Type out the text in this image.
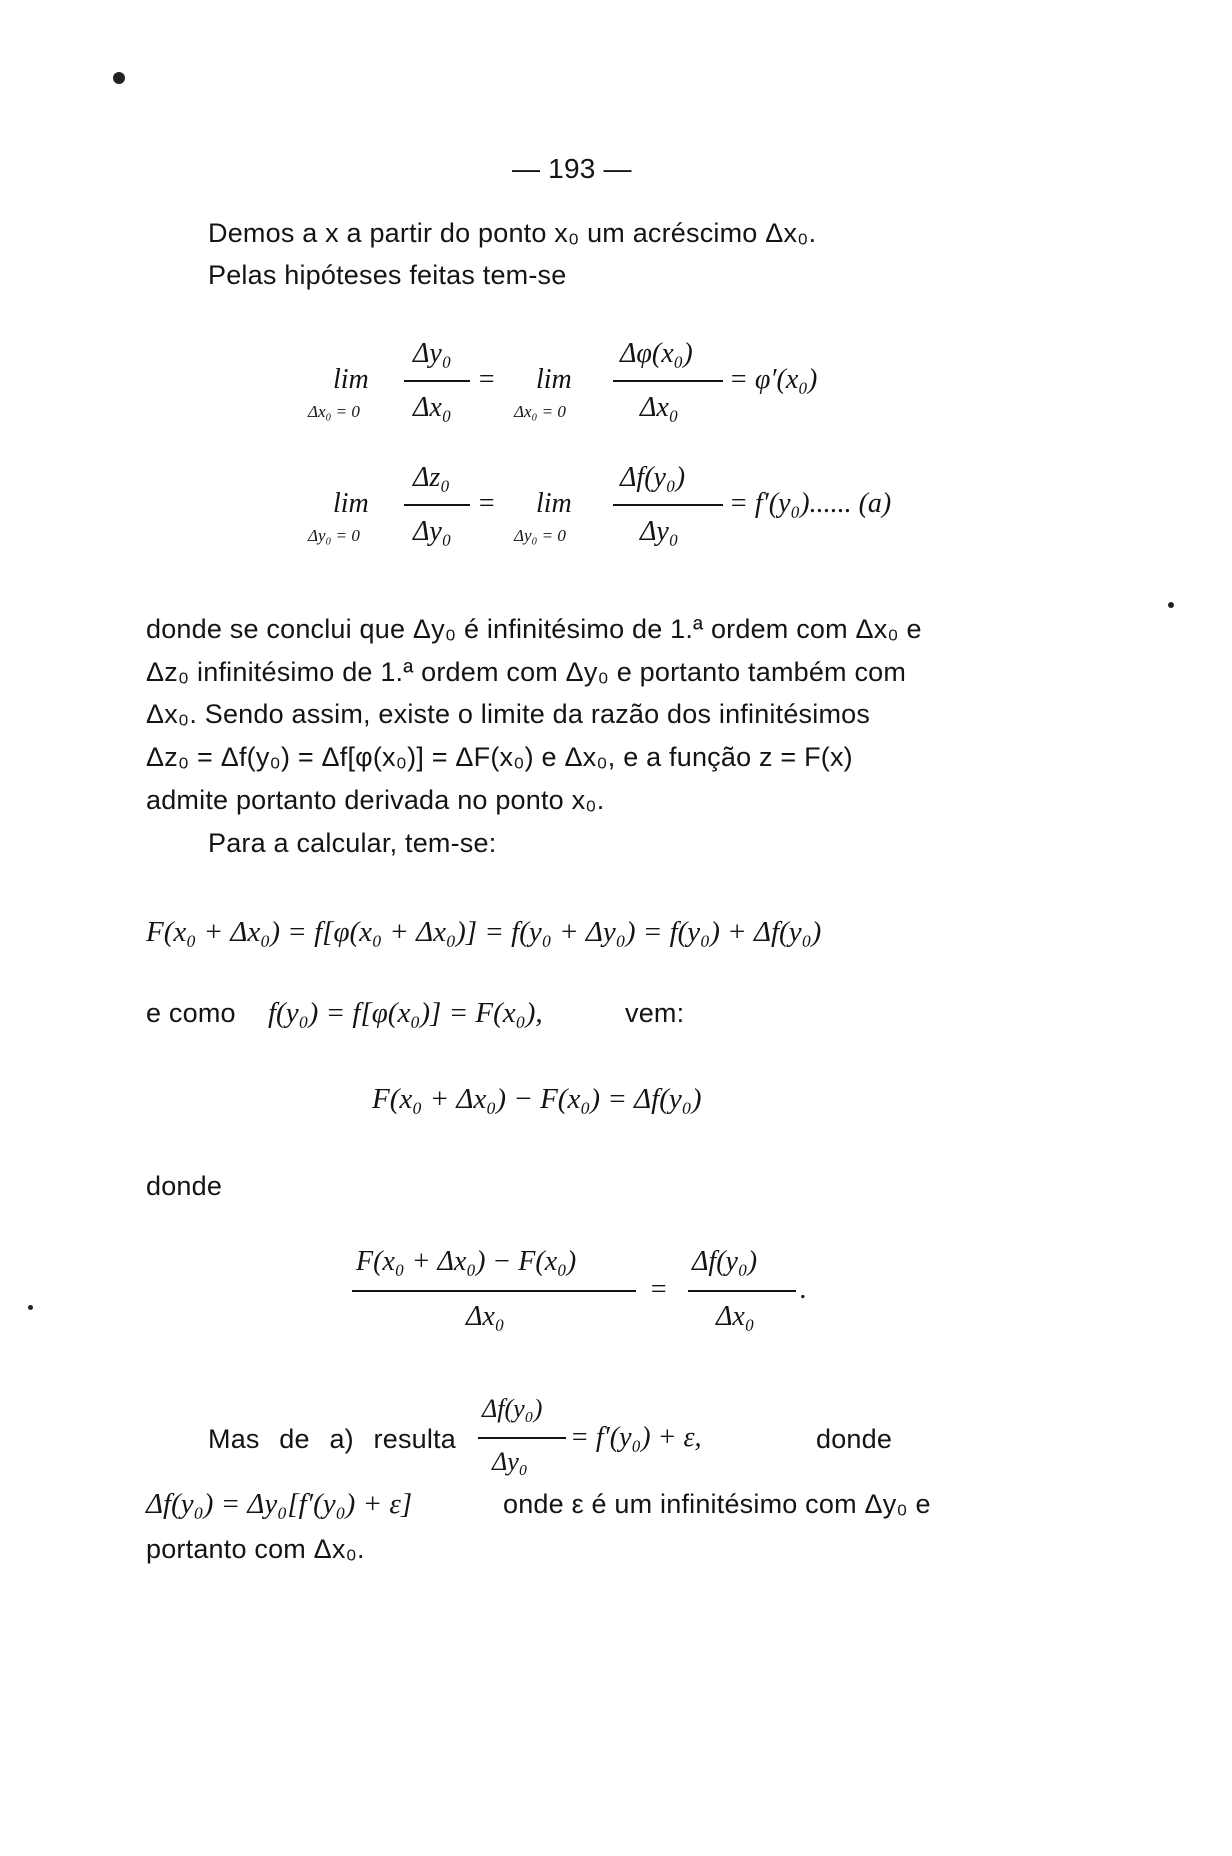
— 193 —
Demos a x a partir do ponto x₀ um acréscimo Δx₀.
Pelas hipóteses feitas tem-se
lim
Δx₀ = 0
Δy₀
Δx₀
= lim
Δx₀ = 0
Δφ(x₀)
Δx₀
= φ′(x₀)
lim
Δy₀ = 0
Δz₀
Δy₀
= lim
Δy₀ = 0
Δf(y₀)
Δy₀
= f′(y₀)...... (a)
donde se conclui que Δy₀ é infinitésimo de 1.ª ordem com Δx₀ e
Δz₀ infinitésimo de 1.ª ordem com Δy₀ e portanto também com
Δx₀. Sendo assim, existe o limite da razão dos infinitésimos
Δz₀ = Δf(y₀) = Δf[φ(x₀)] = ΔF(x₀) e Δx₀, e a função z = F(x)
admite portanto derivada no ponto x₀.
Para a calcular, tem-se:
F(x₀ + Δx₀) = f[φ(x₀ + Δx₀)] = f(y₀ + Δy₀) = f(y₀) + Δf(y₀)
e como f(y₀) = f[φ(x₀)] = F(x₀),	vem:
F(x₀ + Δx₀) − F(x₀) = Δf(y₀)
donde
F(x₀ + Δx₀) − F(x₀)
Δx₀
=
Δf(y₀)
Δx₀
.
Mas de a) resulta
Δf(y₀)
Δy₀
= f′(y₀) + ε,	donde
Δf(y₀) = Δy₀[f′(y₀) + ε]	onde ε é um infinitésimo com Δy₀ e
portanto com Δx₀.
